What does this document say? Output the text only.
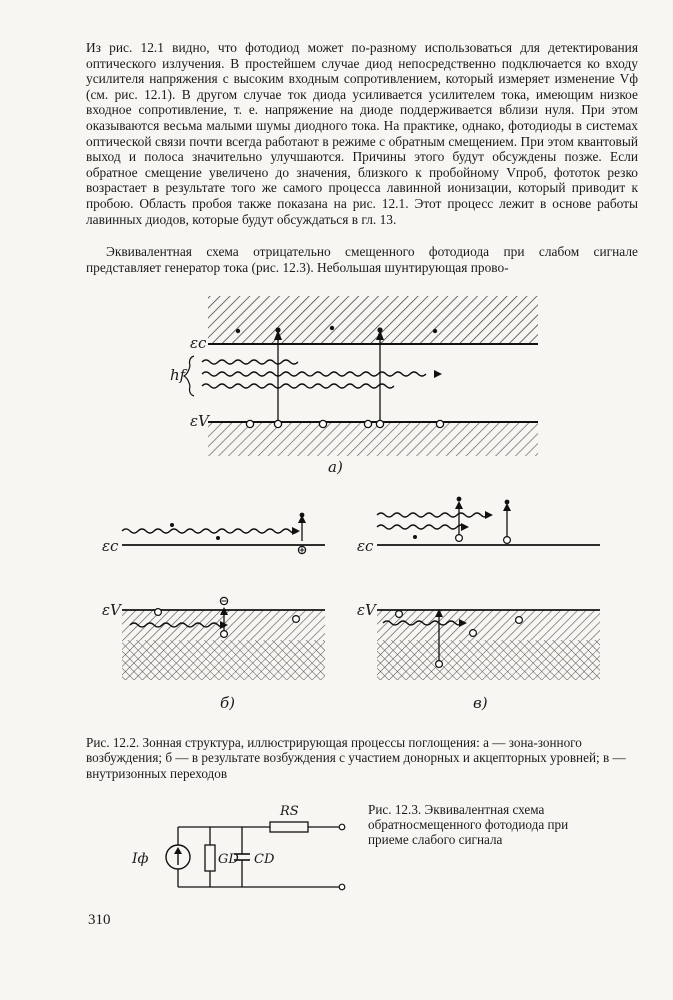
Из рис. 12.1 видно, что фотодиод может по-разному использоваться для детектирования оптического излучения. В простейшем случае диод непосредственно подключается ко входу усилителя напряжения с высоким входным сопротивлением, который измеряет изменение Vф (см. рис. 12.1). В другом случае ток диода усиливается усилителем тока, имеющим низкое входное сопротивление, т. е. напряжение на диоде поддерживается вблизи нуля. При этом оказываются весьма малыми шумы диодного тока. На практике, однако, фотодиоды в системах оптической связи почти всегда работают в режиме с обратным смещением. При этом квантовый выход и полоса значительно улучшаются. Причины этого будут обсуждены позже. Если обратное смещение увеличено до значения, близкого к пробойному Vпроб, фототок резко возрастает в результате того же самого процесса лавинной ионизации, который приводит к пробою. Область пробоя также показана на рис. 12.1. Этот процесс лежит в основе работы лавинных диодов, которые будут обсуждаться в гл. 13.

Эквивалентная схема отрицательно смещенного фотодиода при слабом сигнале представляет генератор тока (рис. 12.3). Небольшая шунтирующая прово-

εc
εV
hf
а)
εc
εV
б)
εc
εV
в)

Рис. 12.2. Зонная структура, иллюстрирующая процессы поглощения: а — зона-зонного возбуждения; б — в результате возбуждения с участием донорных и акцепторных уровней; в — внутризонных переходов

RS
Iф	GD CD

Рис. 12.3. Эквивалентная схема обратносмещенного фотодиода при приеме слабого сигнала

310
